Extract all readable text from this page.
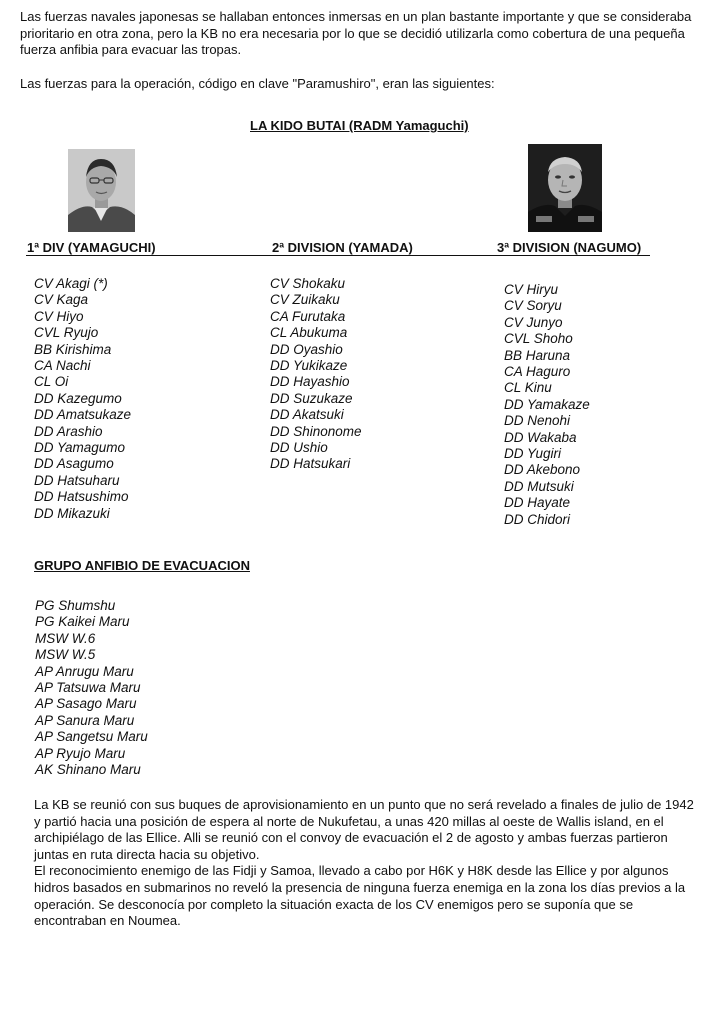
Las fuerzas navales japonesas se hallaban entonces inmersas en un plan bastante importante y que se consideraba prioritario en otra zona, pero la KB no era necesaria por lo que se decidió utilizarla como cobertura de una pequeña fuerza anfibia para evacuar las tropas.

Las fuerzas para la operación, código en clave "Paramushiro", eran las siguientes:

LA KIDO BUTAI (RADM Yamaguchi)
1ª DIV (YAMAGUCHI)	2ª DIVISION (YAMADA)	3ª DIVISION (NAGUMO)
CV Akagi (*)
CV Kaga
CV Hiyo
CVL Ryujo
BB Kirishima
CA Nachi
CL Oi
DD Kazegumo
DD Amatsukaze
DD Arashio
DD Yamagumo
DD Asagumo
DD Hatsuharu
DD Hatsushimo
DD Mikazuki
CV Shokaku
CV Zuikaku
CA Furutaka
CL Abukuma
DD Oyashio
DD Yukikaze
DD Hayashio
DD Suzukaze
DD Akatsuki
DD Shinonome
DD Ushio
DD Hatsukari
CV Hiryu
CV Soryu
CV Junyo
CVL Shoho
BB Haruna
CA Haguro
CL Kinu
DD Yamakaze
DD Nenohi
DD Wakaba
DD Yugiri
DD Akebono
DD Mutsuki
DD Hayate
DD Chidori
GRUPO ANFIBIO DE EVACUACION
PG Shumshu
PG Kaikei Maru
MSW W.6
MSW W.5
AP Anrugu Maru
AP Tatsuwa Maru
AP Sasago Maru
AP Sanura Maru
AP Sangetsu Maru
AP Ryujo Maru
AK Shinano Maru
La KB se reunió con sus buques de aprovisionamiento en un punto que no será revelado a finales de julio de 1942 y partió hacia una posición de espera al norte de Nukufetau, a unas 420 millas al oeste de Wallis island, en el archipiélago de las Ellice. Alli se reunió con el convoy de evacuación el 2 de agosto y ambas fuerzas partieron juntas en ruta directa hacia su objetivo.
El reconocimiento enemigo de las Fidji y Samoa, llevado a cabo por H6K y H8K desde las Ellice y por algunos hidros basados en submarinos no reveló la presencia de ninguna fuerza enemiga en la zona los días previos a la operación. Se desconocía por completo la situación exacta de los CV enemigos pero se suponía que se encontraban en Noumea.
